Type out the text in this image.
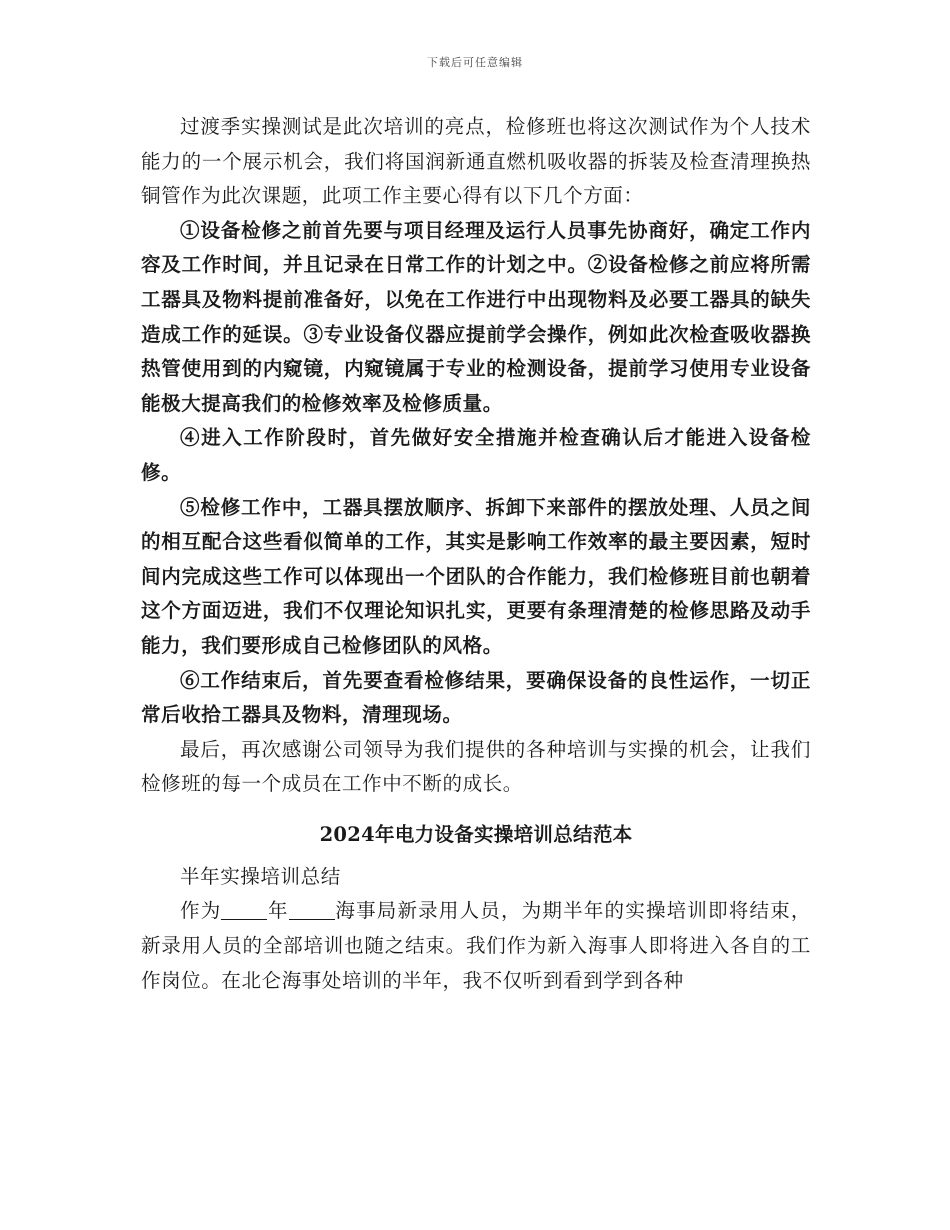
下载后可任意编辑

过渡季实操测试是此次培训的亮点，检修班也将这次测试作为个人技术能力的一个展示机会，我们将国润新通直燃机吸收器的拆装及检查清理换热铜管作为此次课题，此项工作主要心得有以下几个方面：

①设备检修之前首先要与项目经理及运行人员事先协商好，确定工作内容及工作时间，并且记录在日常工作的计划之中。②设备检修之前应将所需工器具及物料提前准备好，以免在工作进行中出现物料及必要工器具的缺失造成工作的延误。③专业设备仪器应提前学会操作，例如此次检查吸收器换热管使用到的内窥镜，内窥镜属于专业的检测设备，提前学习使用专业设备能极大提高我们的检修效率及检修质量。

④进入工作阶段时，首先做好安全措施并检查确认后才能进入设备检修。

⑤检修工作中，工器具摆放顺序、拆卸下来部件的摆放处理、人员之间的相互配合这些看似简单的工作，其实是影响工作效率的最主要因素，短时间内完成这些工作可以体现出一个团队的合作能力，我们检修班目前也朝着这个方面迈进，我们不仅理论知识扎实，更要有条理清楚的检修思路及动手能力，我们要形成自己检修团队的风格。

⑥工作结束后，首先要查看检修结果，要确保设备的良性运作，一切正常后收拾工器具及物料，清理现场。

最后，再次感谢公司领导为我们提供的各种培训与实操的机会，让我们检修班的每一个成员在工作中不断的成长。

2024年电力设备实操培训总结范本

半年实操培训总结

作为 年 海事局新录用人员，为期半年的实操培训即将结束，新录用人员的全部培训也随之结束。我们作为新入海事人即将进入各自的工作岗位。在北仑海事处培训的半年，我不仅听到看到学到各种
